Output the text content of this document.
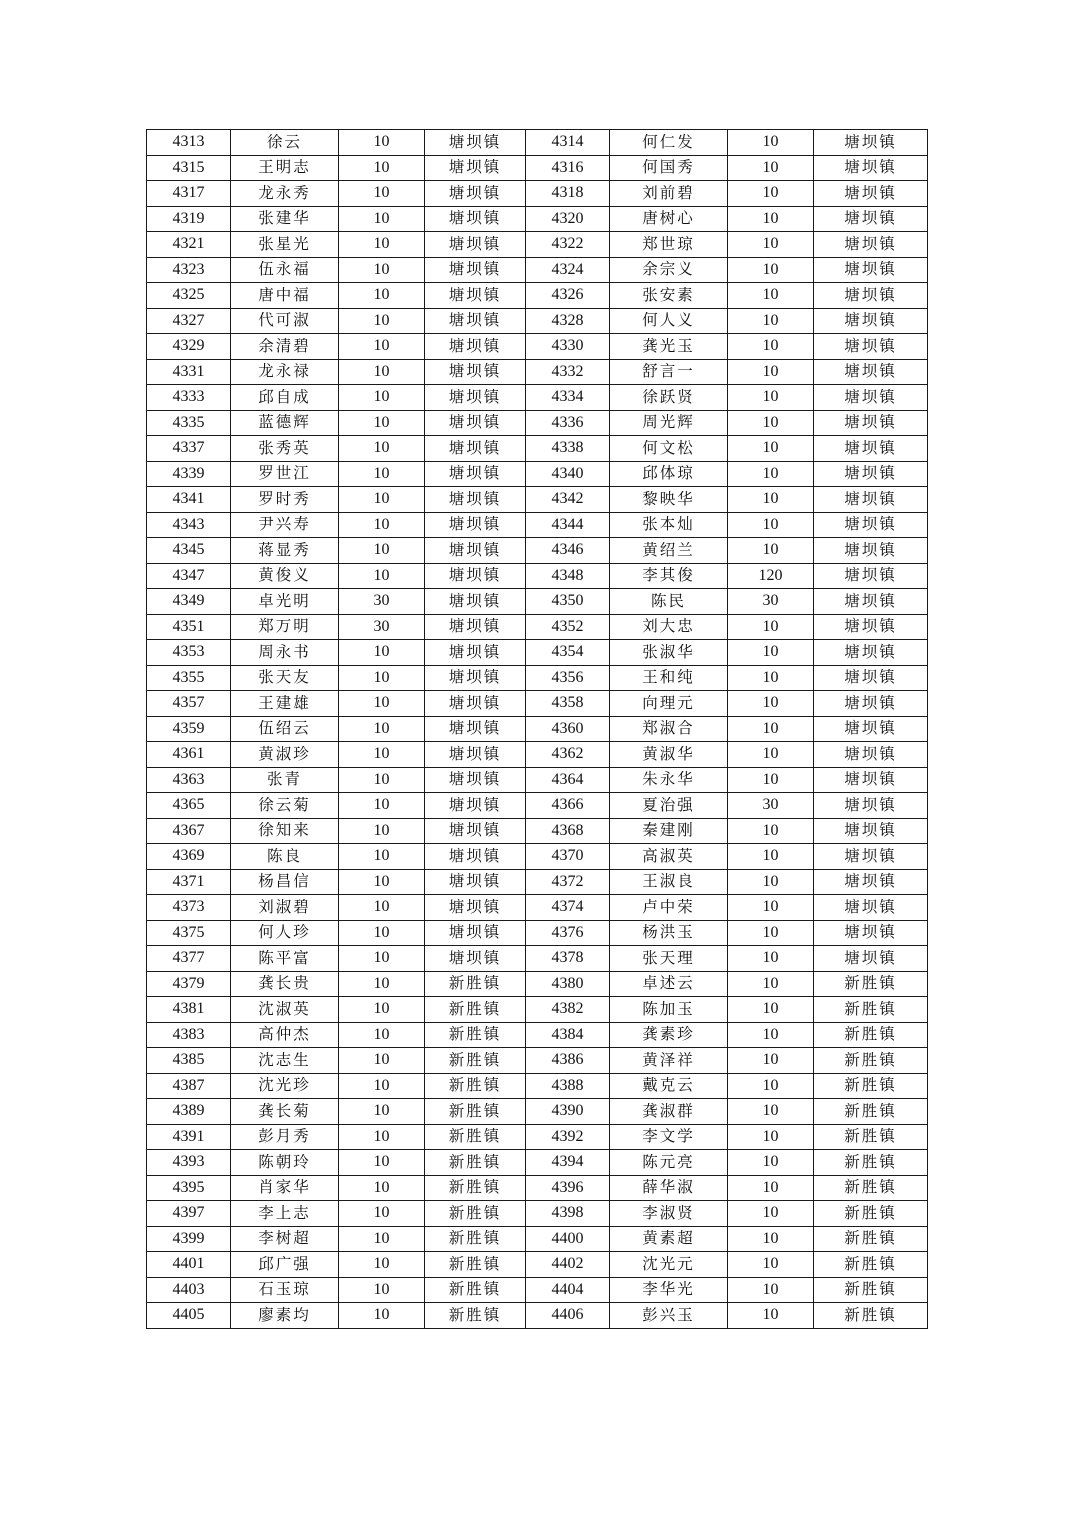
4313	徐云	10	塘坝镇	4314	何仁发	10	塘坝镇
4315	王明志	10	塘坝镇	4316	何国秀	10	塘坝镇
4317	龙永秀	10	塘坝镇	4318	刘前碧	10	塘坝镇
4319	张建华	10	塘坝镇	4320	唐树心	10	塘坝镇
4321	张星光	10	塘坝镇	4322	郑世琼	10	塘坝镇
4323	伍永福	10	塘坝镇	4324	余宗义	10	塘坝镇
4325	唐中福	10	塘坝镇	4326	张安素	10	塘坝镇
4327	代可淑	10	塘坝镇	4328	何人义	10	塘坝镇
4329	余清碧	10	塘坝镇	4330	龚光玉	10	塘坝镇
4331	龙永禄	10	塘坝镇	4332	舒言一	10	塘坝镇
4333	邱自成	10	塘坝镇	4334	徐跃贤	10	塘坝镇
4335	蓝德辉	10	塘坝镇	4336	周光辉	10	塘坝镇
4337	张秀英	10	塘坝镇	4338	何文松	10	塘坝镇
4339	罗世江	10	塘坝镇	4340	邱体琼	10	塘坝镇
4341	罗时秀	10	塘坝镇	4342	黎映华	10	塘坝镇
4343	尹兴寿	10	塘坝镇	4344	张本灿	10	塘坝镇
4345	蒋显秀	10	塘坝镇	4346	黄绍兰	10	塘坝镇
4347	黄俊义	10	塘坝镇	4348	李其俊	120	塘坝镇
4349	卓光明	30	塘坝镇	4350	陈民	30	塘坝镇
4351	郑万明	30	塘坝镇	4352	刘大忠	10	塘坝镇
4353	周永书	10	塘坝镇	4354	张淑华	10	塘坝镇
4355	张天友	10	塘坝镇	4356	王和纯	10	塘坝镇
4357	王建雄	10	塘坝镇	4358	向理元	10	塘坝镇
4359	伍绍云	10	塘坝镇	4360	郑淑合	10	塘坝镇
4361	黄淑珍	10	塘坝镇	4362	黄淑华	10	塘坝镇
4363	张青	10	塘坝镇	4364	朱永华	10	塘坝镇
4365	徐云菊	10	塘坝镇	4366	夏治强	30	塘坝镇
4367	徐知来	10	塘坝镇	4368	秦建刚	10	塘坝镇
4369	陈良	10	塘坝镇	4370	高淑英	10	塘坝镇
4371	杨昌信	10	塘坝镇	4372	王淑良	10	塘坝镇
4373	刘淑碧	10	塘坝镇	4374	卢中荣	10	塘坝镇
4375	何人珍	10	塘坝镇	4376	杨洪玉	10	塘坝镇
4377	陈平富	10	塘坝镇	4378	张天理	10	塘坝镇
4379	龚长贵	10	新胜镇	4380	卓述云	10	新胜镇
4381	沈淑英	10	新胜镇	4382	陈加玉	10	新胜镇
4383	高仲杰	10	新胜镇	4384	龚素珍	10	新胜镇
4385	沈志生	10	新胜镇	4386	黄泽祥	10	新胜镇
4387	沈光珍	10	新胜镇	4388	戴克云	10	新胜镇
4389	龚长菊	10	新胜镇	4390	龚淑群	10	新胜镇
4391	彭月秀	10	新胜镇	4392	李文学	10	新胜镇
4393	陈朝玲	10	新胜镇	4394	陈元亮	10	新胜镇
4395	肖家华	10	新胜镇	4396	薛华淑	10	新胜镇
4397	李上志	10	新胜镇	4398	李淑贤	10	新胜镇
4399	李树超	10	新胜镇	4400	黄素超	10	新胜镇
4401	邱广强	10	新胜镇	4402	沈光元	10	新胜镇
4403	石玉琼	10	新胜镇	4404	李华光	10	新胜镇
4405	廖素均	10	新胜镇	4406	彭兴玉	10	新胜镇
